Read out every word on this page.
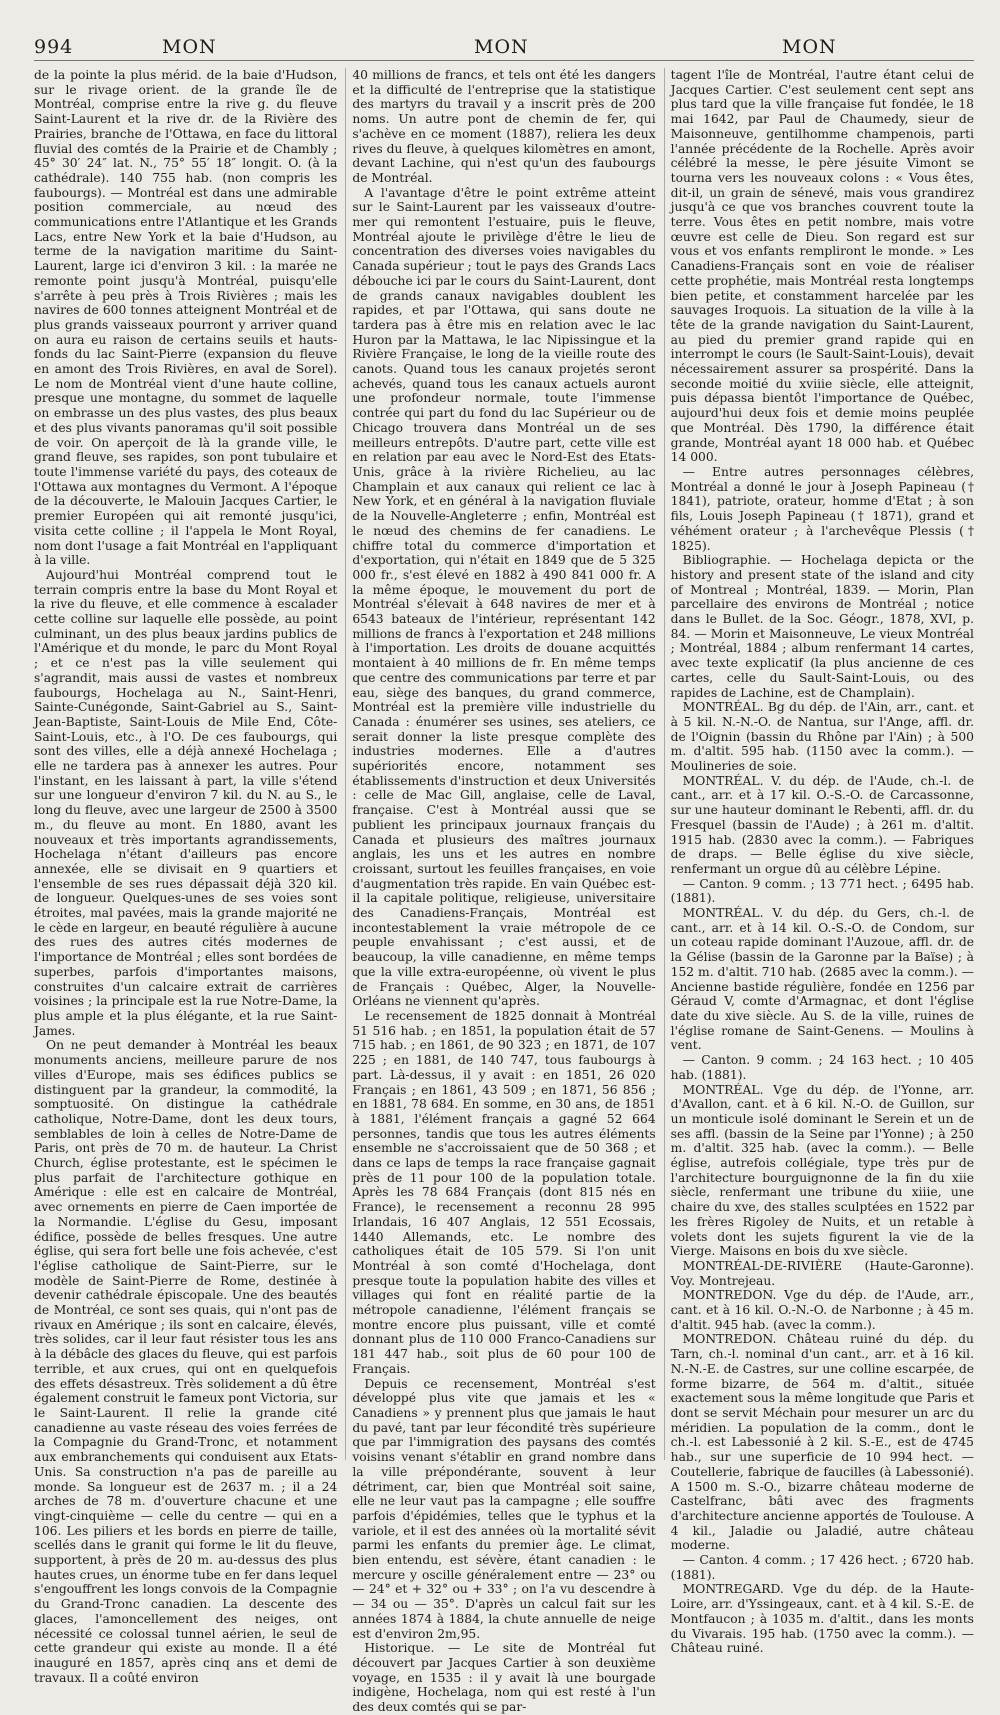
994	MON	MON	MON

de la pointe la plus mérid. de la baie d'Hudson, sur le rivage orient. de la grande île de Montréal, comprise entre la rive g. du fleuve Saint-Laurent et la rive dr. de la Rivière des Prairies, branche de l'Ottawa, en face du littoral fluvial des comtés de la Prairie et de Chambly ; 45° 30′ 24″ lat. N., 75° 55′ 18″ longit. O. (à la cathédrale). 140 755 hab. (non compris les faubourgs). — Montréal est dans une admirable position commerciale, au nœud des communications entre l'Atlantique et les Grands Lacs, entre New York et la baie d'Hudson, au terme de la navigation maritime du Saint-Laurent, large ici d'environ 3 kil. : la marée ne remonte point jusqu'à Montréal, puisqu'elle s'arrête à peu près à Trois Rivières ; mais les navires de 600 tonnes atteignent Montréal et de plus grands vaisseaux pourront y arriver quand on aura eu raison de certains seuils et hauts-fonds du lac Saint-Pierre (expansion du fleuve en amont des Trois Rivières, en aval de Sorel). Le nom de Montréal vient d'une haute colline, presque une montagne, du sommet de laquelle on embrasse un des plus vastes, des plus beaux et des plus vivants panoramas qu'il soit possible de voir. On aperçoit de là la grande ville, le grand fleuve, ses rapides, son pont tubulaire et toute l'immense variété du pays, des coteaux de l'Ottawa aux montagnes du Vermont. A l'époque de la découverte, le Malouin Jacques Cartier, le premier Européen qui ait remonté jusqu'ici, visita cette colline ; il l'appela le Mont Royal, nom dont l'usage a fait Montréal en l'appliquant à la ville.

Aujourd'hui Montréal comprend tout le terrain compris entre la base du Mont Royal et la rive du fleuve, et elle commence à escalader cette colline sur laquelle elle possède, au point culminant, un des plus beaux jardins publics de l'Amérique et du monde, le parc du Mont Royal ; et ce n'est pas la ville seulement qui s'agrandit, mais aussi de vastes et nombreux faubourgs, Hochelaga au N., Saint-Henri, Sainte-Cunégonde, Saint-Gabriel au S., Saint-Jean-Baptiste, Saint-Louis de Mile End, Côte-Saint-Louis, etc., à l'O. De ces faubourgs, qui sont des villes, elle a déjà annexé Hochelaga ; elle ne tardera pas à annexer les autres. Pour l'instant, en les laissant à part, la ville s'étend sur une longueur d'environ 7 kil. du N. au S., le long du fleuve, avec une largeur de 2500 à 3500 m., du fleuve au mont. En 1880, avant les nouveaux et très importants agrandissements, Hochelaga n'étant d'ailleurs pas encore annexée, elle se divisait en 9 quartiers et l'ensemble de ses rues dépassait déjà 320 kil. de longueur. Quelques-unes de ses voies sont étroites, mal pavées, mais la grande majorité ne le cède en largeur, en beauté régulière à aucune des rues des autres cités modernes de l'importance de Montréal ; elles sont bordées de superbes, parfois d'importantes maisons, construites d'un calcaire extrait de carrières voisines ; la principale est la rue Notre-Dame, la plus ample et la plus élégante, et la rue Saint-James.

On ne peut demander à Montréal les beaux monuments anciens, meilleure parure de nos villes d'Europe, mais ses édifices publics se distinguent par la grandeur, la commodité, la somptuosité. On distingue la cathédrale catholique, Notre-Dame, dont les deux tours, semblables de loin à celles de Notre-Dame de Paris, ont près de 70 m. de hauteur. La Christ Church, église protestante, est le spécimen le plus parfait de l'architecture gothique en Amérique : elle est en calcaire de Montréal, avec ornements en pierre de Caen importée de la Normandie. L'église du Gesu, imposant édifice, possède de belles fresques. Une autre église, qui sera fort belle une fois achevée, c'est l'église catholique de Saint-Pierre, sur le modèle de Saint-Pierre de Rome, destinée à devenir cathédrale épiscopale. Une des beautés de Montréal, ce sont ses quais, qui n'ont pas de rivaux en Amérique ; ils sont en calcaire, élevés, très solides, car il leur faut résister tous les ans à la débâcle des glaces du fleuve, qui est parfois terrible, et aux crues, qui ont en quelquefois des effets désastreux. Très solidement a dû être également construit le fameux pont Victoria, sur le Saint-Laurent. Il relie la grande cité canadienne au vaste réseau des voies ferrées de la Compagnie du Grand-Tronc, et notamment aux embranchements qui conduisent aux Etats-Unis. Sa construction n'a pas de pareille au monde. Sa longueur est de 2637 m. ; il a 24 arches de 78 m. d'ouverture chacune et une vingt-cinquième — celle du centre — qui en a 106. Les piliers et les bords en pierre de taille, scellés dans le granit qui forme le lit du fleuve, supportent, à près de 20 m. au-dessus des plus hautes crues, un énorme tube en fer dans lequel s'engouffrent les longs convois de la Compagnie du Grand-Tronc canadien. La descente des glaces, l'amoncellement des neiges, ont nécessité ce colossal tunnel aérien, le seul de cette grandeur qui existe au monde. Il a été inauguré en 1857, après cinq ans et demi de travaux. Il a coûté environ

40 millions de francs, et tels ont été les dangers et la difficulté de l'entreprise que la statistique des martyrs du travail y a inscrit près de 200 noms. Un autre pont de chemin de fer, qui s'achève en ce moment (1887), reliera les deux rives du fleuve, à quelques kilomètres en amont, devant Lachine, qui n'est qu'un des faubourgs de Montréal.

A l'avantage d'être le point extrême atteint sur le Saint-Laurent par les vaisseaux d'outre-mer qui remontent l'estuaire, puis le fleuve, Montréal ajoute le privilège d'être le lieu de concentration des diverses voies navigables du Canada supérieur ; tout le pays des Grands Lacs débouche ici par le cours du Saint-Laurent, dont de grands canaux navigables doublent les rapides, et par l'Ottawa, qui sans doute ne tardera pas à être mis en relation avec le lac Huron par la Mattawa, le lac Nipissingue et la Rivière Française, le long de la vieille route des canots. Quand tous les canaux projetés seront achevés, quand tous les canaux actuels auront une profondeur normale, toute l'immense contrée qui part du fond du lac Supérieur ou de Chicago trouvera dans Montréal un de ses meilleurs entrepôts. D'autre part, cette ville est en relation par eau avec le Nord-Est des Etats-Unis, grâce à la rivière Richelieu, au lac Champlain et aux canaux qui relient ce lac à New York, et en général à la navigation fluviale de la Nouvelle-Angleterre ; enfin, Montréal est le nœud des chemins de fer canadiens. Le chiffre total du commerce d'importation et d'exportation, qui n'était en 1849 que de 5 325 000 fr., s'est élevé en 1882 à 490 841 000 fr. A la même époque, le mouvement du port de Montréal s'élevait à 648 navires de mer et à 6543 bateaux de l'intérieur, représentant 142 millions de francs à l'exportation et 248 millions à l'importation. Les droits de douane acquittés montaient à 40 millions de fr. En même temps que centre des communications par terre et par eau, siège des banques, du grand commerce, Montréal est la première ville industrielle du Canada : énumérer ses usines, ses ateliers, ce serait donner la liste presque complète des industries modernes. Elle a d'autres supériorités encore, notamment ses établissements d'instruction et deux Universités : celle de Mac Gill, anglaise, celle de Laval, française. C'est à Montréal aussi que se publient les principaux journaux français du Canada et plusieurs des maîtres journaux anglais, les uns et les autres en nombre croissant, surtout les feuilles françaises, en voie d'augmentation très rapide. En vain Québec est-il la capitale politique, religieuse, universitaire des Canadiens-Français, Montréal est incontestablement la vraie métropole de ce peuple envahissant ; c'est aussi, et de beaucoup, la ville canadienne, en même temps que la ville extra-européenne, où vivent le plus de Français : Québec, Alger, la Nouvelle-Orléans ne viennent qu'après.

Le recensement de 1825 donnait à Montréal 51 516 hab. ; en 1851, la population était de 57 715 hab. ; en 1861, de 90 323 ; en 1871, de 107 225 ; en 1881, de 140 747, tous faubourgs à part. Là-dessus, il y avait : en 1851, 26 020 Français ; en 1861, 43 509 ; en 1871, 56 856 ; en 1881, 78 684. En somme, en 30 ans, de 1851 à 1881, l'élément français a gagné 52 664 personnes, tandis que tous les autres éléments ensemble ne s'accroissaient que de 50 368 ; et dans ce laps de temps la race française gagnait près de 11 pour 100 de la population totale. Après les 78 684 Français (dont 815 nés en France), le recensement a reconnu 28 995 Irlandais, 16 407 Anglais, 12 551 Ecossais, 1440 Allemands, etc. Le nombre des catholiques était de 105 579. Si l'on unit Montréal à son comté d'Hochelaga, dont presque toute la population habite des villes et villages qui font en réalité partie de la métropole canadienne, l'élément français se montre encore plus puissant, ville et comté donnant plus de 110 000 Franco-Canadiens sur 181 447 hab., soit plus de 60 pour 100 de Français.

Depuis ce recensement, Montréal s'est développé plus vite que jamais et les « Canadiens » y prennent plus que jamais le haut du pavé, tant par leur fécondité très supérieure que par l'immigration des paysans des comtés voisins venant s'établir en grand nombre dans la ville prépondérante, souvent à leur détriment, car, bien que Montréal soit saine, elle ne leur vaut pas la campagne ; elle souffre parfois d'épidémies, telles que le typhus et la variole, et il est des années où la mortalité sévit parmi les enfants du premier âge. Le climat, bien entendu, est sévère, étant canadien : le mercure y oscille généralement entre — 23° ou — 24° et + 32° ou + 33° ; on l'a vu descendre à — 34 ou — 35°. D'après un calcul fait sur les années 1874 à 1884, la chute annuelle de neige est d'environ 2m,95.

Historique. — Le site de Montréal fut découvert par Jacques Cartier à son deuxième voyage, en 1535 : il y avait là une bourgade indigène, Hochelaga, nom qui est resté à l'un des deux comtés qui se par-

tagent l'île de Montréal, l'autre étant celui de Jacques Cartier. C'est seulement cent sept ans plus tard que la ville française fut fondée, le 18 mai 1642, par Paul de Chaumedy, sieur de Maisonneuve, gentilhomme champenois, parti l'année précédente de la Rochelle. Après avoir célébré la messe, le père jésuite Vimont se tourna vers les nouveaux colons : « Vous êtes, dit-il, un grain de sénevé, mais vous grandirez jusqu'à ce que vos branches couvrent toute la terre. Vous êtes en petit nombre, mais votre œuvre est celle de Dieu. Son regard est sur vous et vos enfants rempliront le monde. » Les Canadiens-Français sont en voie de réaliser cette prophétie, mais Montréal resta longtemps bien petite, et constamment harcelée par les sauvages Iroquois. La situation de la ville à la tête de la grande navigation du Saint-Laurent, au pied du premier grand rapide qui en interrompt le cours (le Sault-Saint-Louis), devait nécessairement assurer sa prospérité. Dans la seconde moitié du xviiie siècle, elle atteignit, puis dépassa bientôt l'importance de Québec, aujourd'hui deux fois et demie moins peuplée que Montréal. Dès 1790, la différence était grande, Montréal ayant 18 000 hab. et Québec 14 000.

— Entre autres personnages célèbres, Montréal a donné le jour à Joseph Papineau († 1841), patriote, orateur, homme d'Etat ; à son fils, Louis Joseph Papineau († 1871), grand et véhément orateur ; à l'archevêque Plessis († 1825).

Bibliographie. — Hochelaga depicta or the history and present state of the island and city of Montreal ; Montréal, 1839. — Morin, Plan parcellaire des environs de Montréal ; notice dans le Bullet. de la Soc. Géogr., 1878, XVI, p. 84. — Morin et Maisonneuve, Le vieux Montréal ; Montréal, 1884 ; album renfermant 14 cartes, avec texte explicatif (la plus ancienne de ces cartes, celle du Sault-Saint-Louis, ou des rapides de Lachine, est de Champlain).

MONTRÉAL. Bg du dép. de l'Ain, arr., cant. et à 5 kil. N.-N.-O. de Nantua, sur l'Ange, affl. dr. de l'Oignin (bassin du Rhône par l'Ain) ; à 500 m. d'altit. 595 hab. (1150 avec la comm.). — Moulineries de soie.

MONTRÉAL. V. du dép. de l'Aude, ch.-l. de cant., arr. et à 17 kil. O.-S.-O. de Carcassonne, sur une hauteur dominant le Rebenti, affl. dr. du Fresquel (bassin de l'Aude) ; à 261 m. d'altit. 1915 hab. (2830 avec la comm.). — Fabriques de draps. — Belle église du xive siècle, renfermant un orgue dû au célèbre Lépine.

— Canton. 9 comm. ; 13 771 hect. ; 6495 hab. (1881).

MONTRÉAL. V. du dép. du Gers, ch.-l. de cant., arr. et à 14 kil. O.-S.-O. de Condom, sur un coteau rapide dominant l'Auzoue, affl. dr. de la Gélise (bassin de la Garonne par la Baïse) ; à 152 m. d'altit. 710 hab. (2685 avec la comm.). — Ancienne bastide régulière, fondée en 1256 par Géraud V, comte d'Armagnac, et dont l'église date du xive siècle. Au S. de la ville, ruines de l'église romane de Saint-Genens. — Moulins à vent.

— Canton. 9 comm. ; 24 163 hect. ; 10 405 hab. (1881).

MONTRÉAL. Vge du dép. de l'Yonne, arr. d'Avallon, cant. et à 6 kil. N.-O. de Guillon, sur un monticule isolé dominant le Serein et un de ses affl. (bassin de la Seine par l'Yonne) ; à 250 m. d'altit. 325 hab. (avec la comm.). — Belle église, autrefois collégiale, type très pur de l'architecture bourguignonne de la fin du xiie siècle, renfermant une tribune du xiiie, une chaire du xve, des stalles sculptées en 1522 par les frères Rigoley de Nuits, et un retable à volets dont les sujets figurent la vie de la Vierge. Maisons en bois du xve siècle.

MONTRÉAL-DE-RIVIÈRE (Haute-Garonne). Voy. Montrejeau.

MONTREDON. Vge du dép. de l'Aude, arr., cant. et à 16 kil. O.-N.-O. de Narbonne ; à 45 m. d'altit. 945 hab. (avec la comm.).

MONTREDON. Château ruiné du dép. du Tarn, ch.-l. nominal d'un cant., arr. et à 16 kil. N.-N.-E. de Castres, sur une colline escarpée, de forme bizarre, de 564 m. d'altit., située exactement sous la même longitude que Paris et dont se servit Méchain pour mesurer un arc du méridien. La population de la comm., dont le ch.-l. est Labessonié à 2 kil. S.-E., est de 4745 hab., sur une superficie de 10 994 hect. — Coutellerie, fabrique de faucilles (à Labessonié). A 1500 m. S.-O., bizarre château moderne de Castelfranc, bâti avec des fragments d'architecture ancienne apportés de Toulouse. A 4 kil., Jaladie ou Jaladié, autre château moderne.

— Canton. 4 comm. ; 17 426 hect. ; 6720 hab. (1881).

MONTREGARD. Vge du dép. de la Haute-Loire, arr. d'Yssingeaux, cant. et à 4 kil. S.-E. de Montfaucon ; à 1035 m. d'altit., dans les monts du Vivarais. 195 hab. (1750 avec la comm.). — Château ruiné.
